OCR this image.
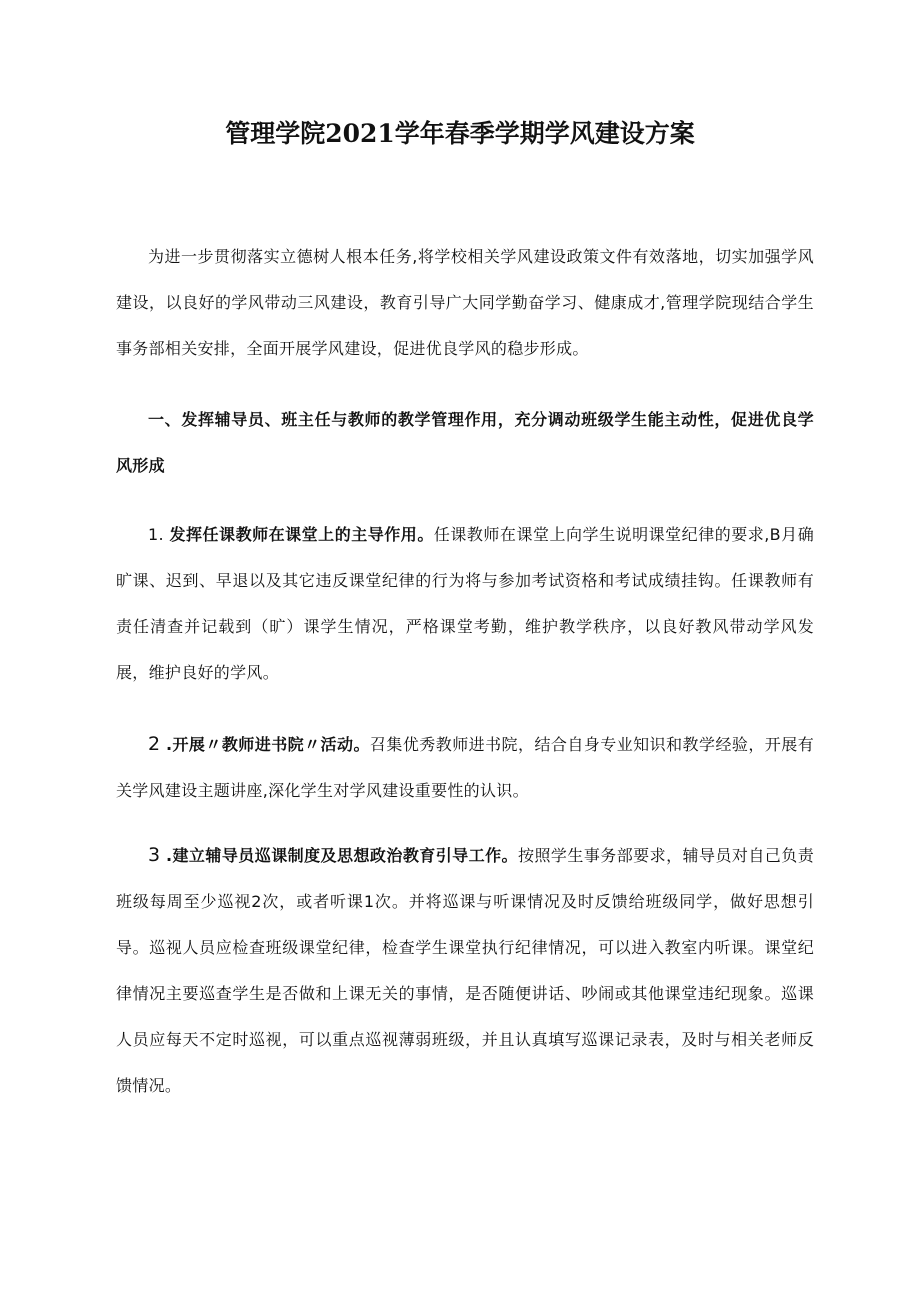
管理学院2021学年春季学期学风建设方案

为进一步贯彻落实立德树人根本任务,将学校相关学风建设政策文件有效落地，切实加强学风建设，以良好的学风带动三风建设，教育引导广大同学勤奋学习、健康成才,管理学院现结合学生事务部相关安排，全面开展学风建设，促进优良学风的稳步形成。

一、发挥辅导员、班主任与教师的教学管理作用，充分调动班级学生能主动性，促进优良学风形成

1. 发挥任课教师在课堂上的主导作用。任课教师在课堂上向学生说明课堂纪律的要求,B月确旷课、迟到、早退以及其它违反课堂纪律的行为将与参加考试资格和考试成绩挂钩。任课教师有责任清查并记载到（旷）课学生情况，严格课堂考勤，维护教学秩序，以良好教风带动学风发展，维护良好的学风。

2 .开展〃教师进书院〃活动。召集优秀教师进书院，结合自身专业知识和教学经验，开展有关学风建设主题讲座,深化学生对学风建设重要性的认识。

3 .建立辅导员巡课制度及思想政治教育引导工作。按照学生事务部要求，辅导员对自己负责班级每周至少巡视2次，或者听课1次。并将巡课与听课情况及时反馈给班级同学，做好思想引导。巡视人员应检查班级课堂纪律，检查学生课堂执行纪律情况，可以进入教室内听课。课堂纪律情况主要巡查学生是否做和上课无关的事情，是否随便讲话、吵闹或其他课堂违纪现象。巡课人员应每天不定时巡视，可以重点巡视薄弱班级，并且认真填写巡课记录表，及时与相关老师反馈情况。
